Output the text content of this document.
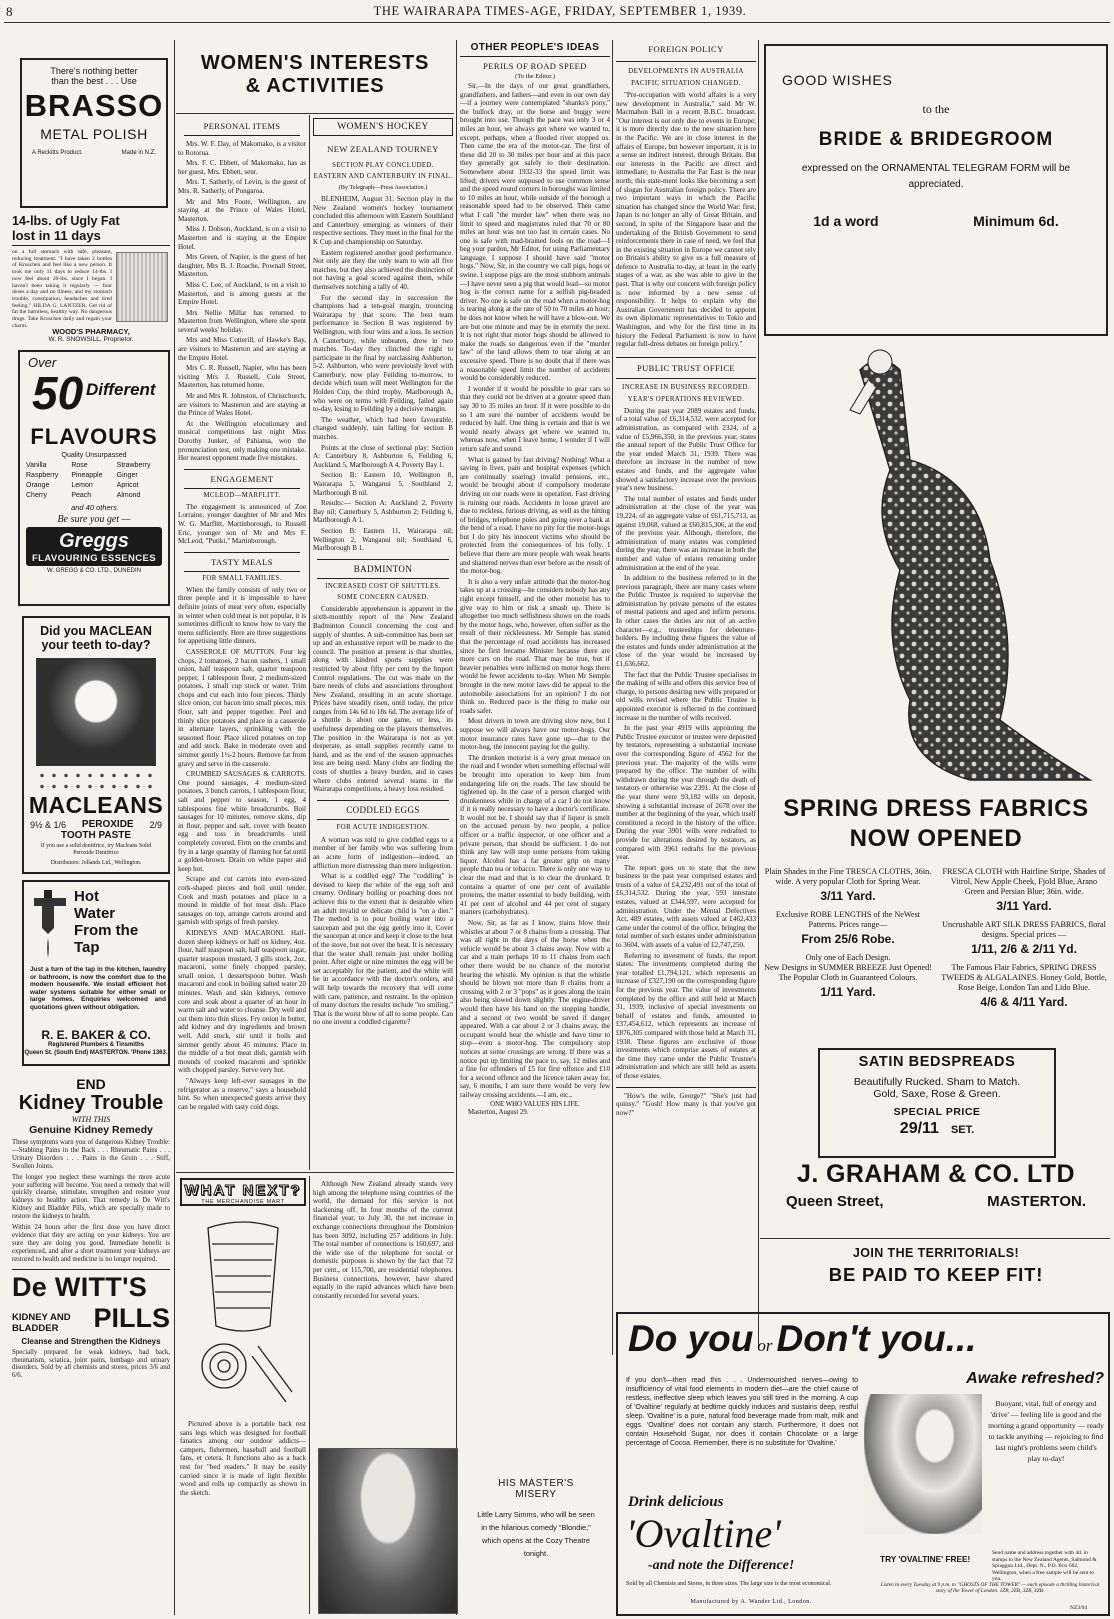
8	THE WAIRARAPA TIMES-AGE, FRIDAY, SEPTEMBER 1, 1939.
There's nothing better
than the best . . . Use
BRASSO
METAL POLISH
A Reckitts Product.	Made in N.Z.
14-lbs. of Ugly Fat
lost in 11 days
on a full stomach with safe, pleasant, reducing treatment. "I have taken 2 bottles of Kruschen and feel like a new person. It took me only 11 days to reduce 14-lbs. I now feel about 20-lbs. since I began. I haven't been taking it regularly — four doses a day and no illness, and my stomach trouble, constipation, headaches and tired feeling." HILDA G. LANTZER. Get rid of fat the harmless, healthy way. No dangerous drugs. Take Kruschen daily and regain your charm.
WOOD'S PHARMACY,
W. R. SNOWSILL, Proprietor.
Over
50 Different
FLAVOURS
Quality Unsurpassed
Vanilla	Rose	Strawberry
Raspberry	Pineapple	Ginger
Orange	Lemon	Apricot
Cherry	Peach	Almond
and 40 others
Be sure you get —
Greggs
FLAVOURING ESSENCES
W. GREGG & CO. LTD., DUNEDIN
Did you MACLEAN
your teeth to-day?
MACLEANS
9½ & 1/6 PEROXIDE 2/9
TOOTH PASTE
If you use a solid dentifrice, try Macleans Solid Peroxide Dentifrice
Distributors: Jollands Ltd., Wellington.
Hot
Water
From the
Tap
Just a turn of the tap in the kitchen, laundry or bathroom, is now the comfort due to the modern housewife. We install efficient hot water systems suitable for either small or large homes. Enquiries welcomed and quotations given without obligation.
R. E. BAKER & CO.
Registered Plumbers & Tinsmiths
Queen St. (South End) MASTERTON. 'Phone 1363.
END
Kidney Trouble
WITH THIS
Genuine Kidney Remedy
These symptoms warn you of dangerous Kidney Trouble:—Stabbing Pains in the Back . . . Rheumatic Pains . . . Urinary Disorders . . . Pains in the Groin . . . Stiff, Swollen Joints.
The longer you neglect these warnings the more acute your suffering will become. You need a remedy that will quickly cleanse, stimulate, strengthen and restore your kidneys to healthy action. That remedy is De Witt's Kidney and Bladder Pills, which are specially made to restore the kidneys to health.
Within 24 hours after the first dose you have direct evidence that they are acting on your kidneys. You are sure they are doing you good. Immediate benefit is experienced, and after a short treatment your kidneys are restored to health and medicine is no longer required.
De WITT'S
KIDNEY AND
BLADDER	PILLS
Cleanse and Strengthen the Kidneys
Specially prepared for weak kidneys, bad back, rheumatism, sciatica, joint pains, lumbago and urinary disorders. Sold by all chemists and stores, prices 3/6 and 6/6.
WOMEN'S INTERESTS
& ACTIVITIES
PERSONAL ITEMS

Mrs. W. F. Day, of Makomako, is a visitor to Rotorua.

Mrs. F. C. Ebbett, of Makomako, has as her guest, Mrs. Ebbett, senr.

Mrs. T. Satherly, of Levin, is the guest of Mrs. R. Satherly, of Pongaroa.

Mr and Mrs Foote, Wellington, are staying at the Prince of Wales Hotel, Masterton.

Miss J. Dobson, Auckland, is on a visit to Masterton and is staying at the Empire Hotel.

Mrs Green, of Napier, is the guest of her daughter, Mrs B. J. Roache, Pownall Street, Masterton.

Miss C. Lee, of Auckland, is on a visit to Masterton, and is among guests at the Empire Hotel.

Mrs Nellie Millar has returned to Masterton from Wellington, where she spent several weeks' holiday.

Mrs and Miss Cotterill, of Hawke's Bay, are visitors to Masterton and are staying at the Empire Hotel.

Mrs C. R. Russell, Napier, who has been visiting Mrs J. Russell, Cole Street, Masterton, has returned home.

Mr and Mrs R. Johnston, of Christchurch, are visitors to Masterton and are staying at the Prince of Wales Hotel.

At the Wellington elocutionary and musical competitions last night Miss Dorothy Junker, of Pahiatua, won the pronunciation test, only making one mistake. Her nearest opponent made five mistakes.

ENGAGEMENT
MCLEOD—MARFLITT.
The engagement is announced of Zoe Lorraine, younger daughter of Mr and Mrs W. G. Marflitt, Martinborough, to Russell Eric, younger son of Mr and Mrs F. McLeod, "Putiki," Martinborough.
TASTY MEALS
FOR SMALL FAMILIES.

When the family consists of only two or three people and it is impossible to have definite joints of meat very often, especially in winter when cold meat is not popular, it is sometimes difficult to know how to vary the menu sufficiently. Here are three suggestions for appetising little dinners.

CASSEROLE OF MUTTON. Four leg chops, 2 tomatoes, 2 bacon rashers, 1 small onion, half teaspoon salt, quarter teaspoon pepper, 1 tablespoon flour, 2 medium-sized potatoes, 1 small cup stock or water. Trim chops and cut each into four pieces. Thinly slice onion, cut bacon into small pieces, mix flour, salt and pepper together. Peel and thinly slice potatoes and place in a casserole in alternate layers, sprinkling with the seasoned flour. Place sliced potatoes on top and add stock. Bake in moderate oven and simmer gently 1½-2 hours. Remove fat from gravy and serve in the casserole.

CRUMBED SAUSAGES & CARROTS. One pound sausages, 4 medium-sized potatoes, 3 bunch carrots, 1 tablespoon flour, salt and pepper to season, 1 egg, 4 tablespoons fine white breadcrumbs. Boil sausages for 10 minutes, remove skins, dip in flour, pepper and salt, cover with beaten egg and toss in breadcrumbs until completely covered. Firm on the crumbs and fry in a large quantity of flaming hot fat until a golden-brown. Drain on white paper and keep hot.

Scrape and cut carrots into even-sized cork-shaped pieces and boil until tender. Cook and mash potatoes and place in a mound in middle of hot meat dish. Place sausages on top, arrange carrots around and garnish with sprigs of fresh parsley.

KIDNEYS AND MACARONI. Half-dozen sheep kidneys or half ox kidney, 4oz. flour, half teaspoon salt, half teaspoon sugar, quarter teaspoon mustard, 3 gills stock, 2oz. macaroni, some finely chopped parsley, small onion, 1 dessertspoon butter. Wash macaroni and cook in boiling salted water 20 minutes. Wash and skin kidneys, remove core and soak about a quarter of an hour in warm salt and water to cleanse. Dry well and cut them into thin slices. Fry onion in butter, add kidney and dry ingredients and brown well. Add stock, stir until it boils and simmer gently about 45 minutes. Place in the middle of a hot meat dish, garnish with mounds of cooked macaroni and sprinkle with chopped parsley. Serve very hot.

"Always keep left-over sausages in the refrigerator as a reserve," says a household hint. So when unexpected guests arrive they can be regaled with tasty cold dogs.

WOMEN'S HOCKEY
NEW ZEALAND TOURNEY
SECTION PLAY CONCLUDED.
EASTERN AND CANTERBURY IN FINAL.
(By Telegraph—Press Association.)

BLENHEIM, August 31. Section play in the New Zealand women's hockey tournament concluded this afternoon with Eastern Southland and Canterbury emerging as winners of their respective sections. They meet in the final for the K Cup and championship on Saturday.

Eastern registered another good performance. Not only are they the only team to win all five matches, but they also achieved the distinction of not having a goal scored against them, while themselves notching a tally of 40.

For the second day in succession the champions had a ten-goal margin, trouncing Wairarapa by that score. The best team performance in Section B was registered by Wellington, with four wins and a loss. In section A Canterbury, while unbeaten, drew in two matches. To-day they clinched the right to participate in the final by outclassing Ashburton, 5-2. Ashburton, who were previously level with Canterbury, now play Feilding to-morrow, to decide which team will meet Wellington for the Holden Cup, the third trophy. Marlborough A, who were on terms with Feilding, failed again to-day, losing to Feilding by a decisive margin.

The weather, which had been favourable, changed suddenly, rain falling for section B matches.

Points at the close of sectional play: Section A: Canterbury 8, Ashburton 6, Feilding 6, Auckland 5, Marlborough A 4, Poverty Bay 1.

Section B: Eastern 10, Wellington 8, Wairarapa 5, Wanganui 5, Southland 2, Marlborough B nil.

Results:— Section A: Auckland 2, Poverty Bay nil; Canterbury 5, Ashburton 2; Feilding 6, Marlborough A 1.

Section B: Eastern 11, Wairarapa nil; Wellington 2, Wanganui nil; Southland 6, Marlborough B 1.

BADMINTON
INCREASED COST OF SHUTTLES.
SOME CONCERN CAUSED.

Considerable apprehension is apparent in the sixth-monthly report of the New Zealand Badminton Council concerning the cost and supply of shuttles. A sub-committee has been set up and an exhaustive report will be made to the council. The position at present is that shuttles, along with kindred sports supplies were restricted by about fifty per cent by the Import Control regulations. The cut was made on the bare needs of clubs and associations throughout New Zealand, resulting in an acute shortage. Prices have steadily risen, until today, the price ranges from 14s 6d to 18s 6d. The average life of a shuttle is about one game, or less, its usefulness depending on the players themselves. The position in the Wairarapa is not as yet desperate, as small supplies recently came to hand, and as the end of the season approaches less are being used. Many clubs are finding the costs of shuttles a heavy burden, and in cases where clubs entered several teams in the Wairarapa competitions, a heavy loss resulted.

CODDLED EGGS
FOR ACUTE INDIGESTION.

A woman was told to give coddled eggs to a member of her family who was suffering from an acute form of indigestion—indeed, an affliction more distressing than mere indigestion.

What is a coddled egg? The "coddling" is devised to keep the white of the egg soft and creamy. Ordinary boiling or poaching does not achieve this to the extent that is desirable when an adult invalid or delicate child is "on a diet." The method is to pour boiling water into a saucepan and put the egg gently into it. Cover the saucepan at once and keep it close to the heat of the stove, but not over the heat. It is necessary that the water shall remain just under boiling point. After eight or nine minutes the egg will be set acceptably for the patient, and the white will be in accordance with the doctor's orders, and will help towards the recovery that will come with care, patience, and restraint. In the opinion of many doctors the results include "no smiling." That is the worst blow of all to some people. Can no one invent a coddled cigarette?

WHAT NEXT?
THE MERCHANDISE MART
Pictured above is a portable back rest sans legs which was designed for football fanatics among our outdoor addicts—campers, fishermen, baseball and football fans, et cetera. It functions also as a back rest for "bed readers." It may be easily carried since it is made of light flexible wood and rolls up compactly as shown in the sketch.
Although New Zealand already stands very high among the telephone using countries of the world, the demand for this service is not slackening off. In four months of the current financial year, to July 30, the net increase in exchange connections throughout the Dominion has been 3092, including 257 additions in July. The total number of connections is 160,697, and the wide use of the telephone for social or domestic purposes is shown by the fact that 72 per cent., or 115,700, are residential telephones. Business connections, however, have shared equally in the rapid advances which have been constantly recorded for several years.
HIS MASTER'S
MISERY
Little Larry Simms, who will be seen in the hilarious comedy "Blondie," which opens at the Cozy Theatre tonight.
OTHER PEOPLE'S IDEAS
PERILS OF ROAD SPEED
(To the Editor.)

Sir,—In the days of our great grandfathers, grandfathers, and fathers—and even in our own day—if a journey were contemplated "shanks's pony," the bullock dray, or the horse and buggy were brought into use. Though the pace was only 3 or 4 miles an hour, we always got where we wanted to, except, perhaps, when a flooded river stopped us. Then came the era of the motor-car. The first of these did 20 to 30 miles per hour and at this pace they generally got safely to their destination. Somewhere about 1932-33 the speed limit was lifted; drivers were supposed to use common sense and the speed round corners in boroughs was limited to 10 miles an hour, while outside of the borough a reasonable speed had to be observed. Then came what I call "the murder law" when there was no limit to speed and magistrates ruled that 70 or 80 miles an hour was not too fast in certain cases. No one is safe with mad-brained fools on the road—I beg your pardon, Mr Editor, for using Parliamentary language. I suppose I should have said "motor hogs." Now, Sir, in the country we call pigs, hogs or swine. I suppose pigs are the most stubborn animals—I have never seen a pig that would lead—so motor hog is the correct name for a selfish pig-headed driver. No one is safe on the road when a motor-hog is tearing along at the rate of 50 to 70 miles an hour; he does not know when he will have a blow-out. We are but one minute and may be in eternity the next. It is not right that motor hogs should be allowed to make the roads so dangerous even if the "murder law" of the land allows them to tear along at an excessive speed. There is no doubt that if there was a reasonable speed limit the number of accidents would be considerably reduced.

I wonder if it would be possible to gear cars so that they could not be driven at a greater speed than say 30 to 35 miles an hour. If it were possible to do so I am sure the number of accidents would be reduced by half. One thing is certain and that is we would nearly always get where we wanted to, whereas now, when I leave home, I wonder if I will return safe and sound.

What is gained by fast driving? Nothing! What a saving in lives, pain and hospital expenses (which are continually soaring) invalid pensions, etc., would be brought about if compulsory moderate driving on our roads were in operation. Fast driving is ruining our roads. Accidents in loose gravel are due to reckless, furious driving, as well as the hitting of bridges, telephone poles and going over a bank at the bend of a road. I have no pity for the motor-hogs but I do pity his innocent victims who should be protected from the consequences of his folly. I believe that there are more people with weak hearts and shattered nerves than ever before as the result of the motor-hog.

It is also a very unfair attitude that the motor-hog takes up at a crossing—he considers nobody has any right except himself, and the other motorist has to give way to him or risk a smash up. There is altogether too much selfishness shown on the roads by the motor hogs, who, however, often suffer as the result of their recklessness. Mr Semple has stated that the percentage of road accidents has increased since he first became Minister because there are more cars on the road. That may be true, but if heavier penalties were inflicted on motor hogs there would be fewer accidents to-day. When Mr Semple brought in the new motor laws did he appeal to the automobile associations for an opinion? I do not think so. Reduced pace is the thing to make our roads safer.

Most drivers in town are driving slow now, but I suppose we will always have our motor-hogs. Our motor insurance rates have gone up—due to the motor-hog, the innocent paying for the guilty.

The drunken motorist is a very great menace on the road and I wonder when something effectual will be brought into operation to keep him from endangering life on the roads. The law should be tightened up. In the case of a person charged with drunkenness while in charge of a car I do not know if it is really necessary to have a doctor's certificate. It would not be. I should say that if liquor is smelt on the accused person by two people, a police officer or a traffic inspector, or one officer and a private person, that should be sufficient. I do not think any law will stop some persons from taking liquor. Alcohol has a far greater grip on many people than tea or tobacco. There is only one way to clear the road and that is to clear the drunkard. It contains a quarter of one per cent of available proteins, the matter essential to body building, with 41 per cent of alcohol and 44 per cent of sugary matters (carbohydrates).

Now, Sir, as far as I know, trains blow their whistles at about 7 or 8 chains from a crossing. That was all right in the days of the horse when the vehicle would be about 3 chains away. Now with a car and a train perhaps 10 to 11 chains from each other there would be no chance of the motorist hearing the whistle. My opinion is that the whistle should be blown not more than 8 chains from a crossing with 2 or 3 "pops" as it goes along the train also being slowed down slightly. The engine-driver would then have his hand on the stopping handle, and a second or two would be saved if danger appeared. With a car about 2 or 3 chains away, the occupant would hear the whistle and have time to stop—even a motor-hog. The compulsory stop notices at some crossings are wrong. If there was a notice put up limiting the pace to, say, 12 miles and a fine for offenders of £5 for first offence and £10 for a second offence and the licence taken away for, say, 6 months, I am sure there would be very few railway crossing accidents.—I am, etc.,

ONE WHO VALUES HIS LIFE.
Masterton, August 29.
FOREIGN POLICY
DEVELOPMENTS IN AUSTRALIA
PACIFIC SITUATION CHANGED.

"Pre-occupation with world affairs is a very new development in Australia," said Mr W. Macmahon Ball in a recent B.B.C. broadcast. "Our interest is not only due to events in Europe; it is more directly due to the new situation here in the Pacific. We are in close interest in the affairs of Europe, but however important, it is in a sense an indirect interest, through Britain. But our interests in the Pacific are direct and immediate; to Australia the Far East is the near north; this state-ment looks like becoming a sort of slogan for Australian foreign policy. There are two important ways in which the Pacific situation has changed since the World War: first, Japan is no longer an ally of Great Britain, and second, in spite of the Singapore base and the undertaking of the British Government to send reinforcements there in case of need, we feel that in the existing situation in Europe we cannot rely on Britain's ability to give us a full measure of defence to Australia to-day, at least in the early stages of a war, as she was able to give in the past. That is why our concern with foreign policy is now informed by a new sense of responsibility. It helps to explain why the Australian Government has decided to appoint its own diplomatic representatives to Tokio and Washington, and why for the first time in its history the Federal Parliament is now to have regular full-dress debates on foreign policy."

PUBLIC TRUST OFFICE
INCREASE IN BUSINESS RECORDED.
YEAR'S OPERATIONS REVIEWED.

During the past year 2089 estates and funds, of a total value of £6,314,532, were accepted for administration, as compared with 2324, of a value of £5,966,350, in the previous year, states the annual report of the Public Trust Office for the year ended March 31, 1939. There was therefore an increase in the number of new estates and funds, and the aggregate value showed a satisfactory increase over the previous year's new business.

The total number of estates and funds under administration at the close of the year was 19,224, of an aggregate value of £61,715,713, as against 19,068, valued at £60,815,306, at the end of the previous year. Although, therefore, the administration of many estates was completed during the year, there was an increase in both the number and value of estates remaining under administration at the end of the year.

In addition to the business referred to in the previous paragraph, there are many cases where the Public Trustee is required to supervise the administration by private persons of the estates of mental patients and aged and infirm persons. In other cases the duties are not of an active character—e.g., trusteeships for debenture-holders. By including these figures the value of the estates and funds under administration at the close of the year would be increased by £1,636,662.

The fact that the Public Trustee specialises in the making of wills and offers this service free of charge, to persons desiring new wills prepared or old wills revised where the Public Trustee is appointed executor is reflected in the continued increase in the number of wills received.

In the past year 4919 wills appointing the Public Trustee executor or trustee were deposited by testators, representing a substantial increase over the corresponding figure of 4562 for the previous year. The majority of the wills were prepared by the office. The number of wills withdrawn during the year through the death of testators or otherwise was 2391. At the close of the year there were 93,182 wills on deposit, showing a substantial increase of 2678 over the number at the beginning of the year, which itself constituted a record in the history of the office. During the year 3901 wills were redrafted to provide for alterations desired by testators, as compared with 3961 redrafts for the previous year.

The report goes on to state that the new business in the past year comprised estates and trusts of a value of £4,232,491 out of the total of £6,314,532. During the year, 593 intestate estates, valued at £344,597, were accepted for administration. Under the Mental Defectives Act, 489 estates, with assets valued at £462,433 came under the control of the office, bringing the total number of such estates under administration to 3604, with assets of a value of £2,747,250.

Referring to investment of funds, the report states: The investments completed during the year totalled £1,794,121, which represents an increase of £327,190 on the corresponding figure for the previous year. The value of investments completed by the office and still held at March 31, 1939, inclusive of special investments on behalf of estates and funds, amounted to £37,454,612, which represents an increase of £876,305 compared with those held at March 31, 1938. These figures are exclusive of those investments which comprise assets of estates at the time they came under the Public Trustee's administration and which are still held as assets of those estates.

"How's the wife, George?" "She's just had quinsy." "Gosh! How many is that you've got now?"
GOOD WISHES
to the
BRIDE & BRIDEGROOM
expressed on the ORNAMENTAL TELEGRAM FORM will be appreciated.
1d a word	Minimum 6d.
SPRING DRESS FABRICS
NOW OPENED
Plain Shades in the Fine TRESCA CLOTHS, 36in. wide. A very popular Cloth for Spring Wear.
3/11 Yard.
Exclusive ROBE LENGTHS of the NeWest Patterns. Prices range—
From 25/6 Robe.
Only one of Each Design.
New Designs in SUMMER BREEZE Just Opened! The Popular Cloth in Guaranteed Colours.
1/11 Yard.
FRESCA CLOTH with Hairline Stripe, Shades of Vitrol, New Apple Cheek, Fjold Blue, Arano Green and Persian Blue; 36in. wide.
3/11 Yard.
Uncrushable ART SILK DRESS FABRICS, floral designs. Special prices —
1/11, 2/6 & 2/11 Yd.
The Famous Flair Fabrics, SPRING DRESS TWEEDS & ALGALAINES. Honey Gold, Bottle, Rose Beige, London Tan and Lido Blue.
4/6 & 4/11 Yard.
SATIN BEDSPREADS
Beautifully Rucked. Sham to Match.
Gold, Saxe, Rose & Green.
SPECIAL PRICE
29/11 SET.
J. GRAHAM & CO. LTD
Queen Street,	MASTERTON.
JOIN THE TERRITORIALS!
BE PAID TO KEEP FIT!
Do you or Don't you...
Awake refreshed?
If you don't—then read this . . . Undernourished nerves—owing to insufficiency of vital food elements in modern diet—are the chief cause of restless, ineffective sleep which leaves you still tired in the morning. A cup of 'Ovaltine' regularly at bedtime quickly induces and sustains deep, restful sleep. 'Ovaltine' is a pure, natural food beverage made from malt, milk and eggs. 'Ovaltine' does not contain any starch. Furthermore, it does not contain Household Sugar, nor does it contain Chocolate or a large percentage of Cocoa. Remember, there is no substitute for 'Ovaltine.'
Buoyant, vital, full of energy and 'drive' — feeling life is good and the morning a grand opportunity — ready to tackle anything — rejoicing to find last night's problems seem child's play to-day!
Drink delicious
'Ovaltine'
-and note the Difference!
Sold by all Chemists and Stores, in three sizes. The large size is the most economical.
Manufactured by A. Wander Ltd., London.
TRY 'OVALTINE' FREE!
Send name and address together with 4d. in stamps to the New Zealand Agents, Salmond & Spraggon Ltd., Dept. N., P.O. Box 662, Wellington, when a free sample will be sent to you.
Listen in every Tuesday at 9 p.m. to "GHOSTS OF THE TOWER" — each episode a thrilling historical story of the Tower of London. 1ZB, 2ZB, 3ZB, 4ZB.
NZ3/94
